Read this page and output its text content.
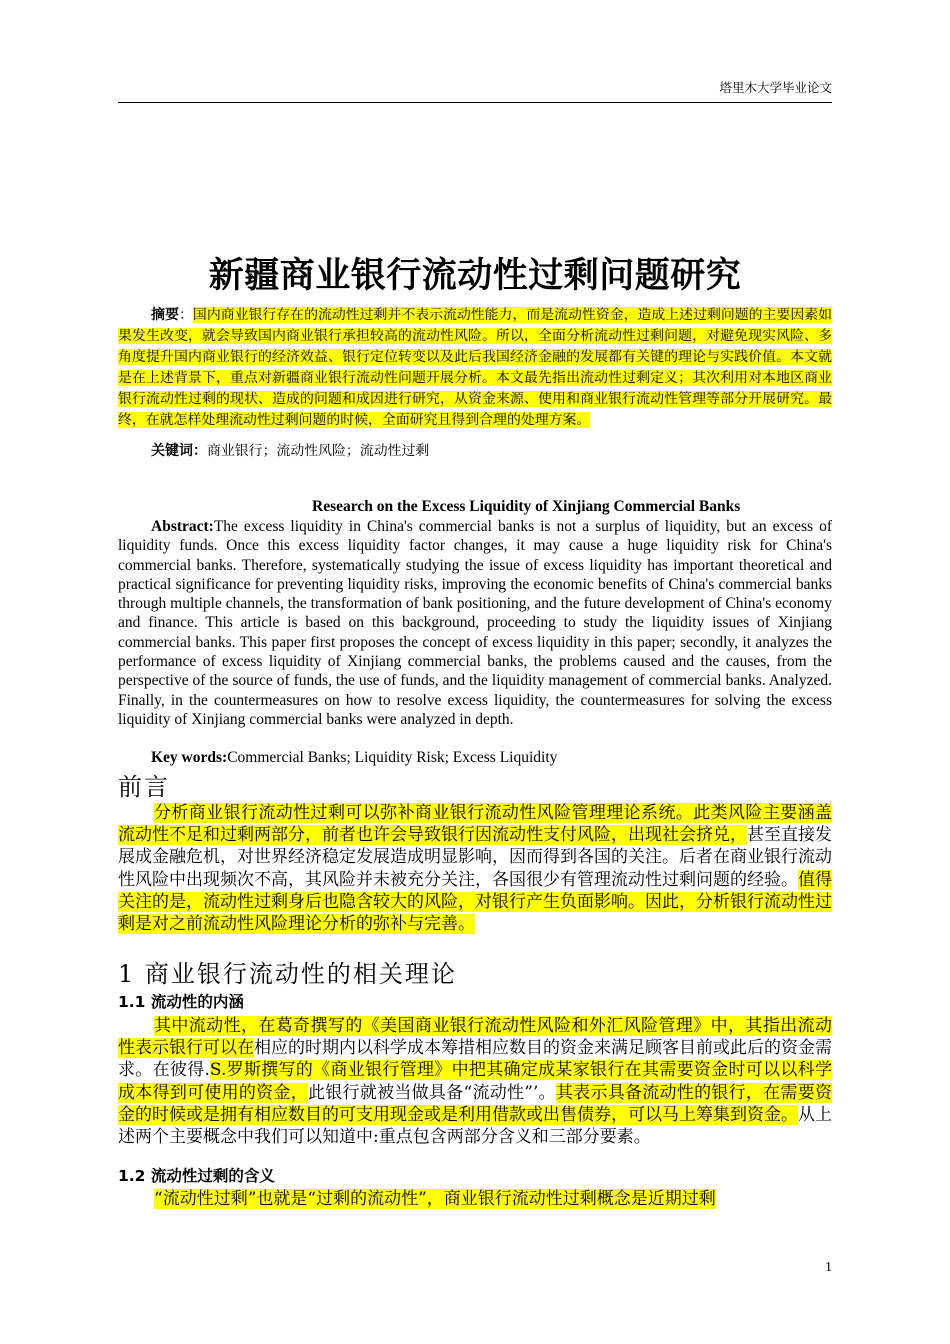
塔里木大学毕业论文
新疆商业银行流动性过剩问题研究

摘要：国内商业银行存在的流动性过剩并不表示流动性能力，而是流动性资金，造成上述过剩问题的主要因素如果发生改变，就会导致国内商业银行承担较高的流动性风险。所以，全面分析流动性过剩问题，对避免现实风险、多角度提升国内商业银行的经济效益、银行定位转变以及此后我国经济金融的发展都有关键的理论与实践价值。本文就是在上述背景下，重点对新疆商业银行流动性问题开展分析。本文最先指出流动性过剩定义；其次利用对本地区商业银行流动性过剩的现状、造成的问题和成因进行研究，从资金来源、使用和商业银行流动性管理等部分开展研究。最终，在就怎样处理流动性过剩问题的时候，全面研究且得到合理的处理方案。

关键词：商业银行；流动性风险；流动性过剩
Research on the Excess Liquidity of Xinjiang Commercial Banks

Abstract:The excess liquidity in China's commercial banks is not a surplus of liquidity, but an excess of liquidity funds. Once this excess liquidity factor changes, it may cause a huge liquidity risk for China's commercial banks. Therefore, systematically studying the issue of excess liquidity has important theoretical and practical significance for preventing liquidity risks, improving the economic benefits of China's commercial banks through multiple channels, the transformation of bank positioning, and the future development of China's economy and finance. This article is based on this background, proceeding to study the liquidity issues of Xinjiang commercial banks. This paper first proposes the concept of excess liquidity in this paper; secondly, it analyzes the performance of excess liquidity of Xinjiang commercial banks, the problems caused and the causes, from the perspective of the source of funds, the use of funds, and the liquidity management of commercial banks. Analyzed. Finally, in the countermeasures on how to resolve excess liquidity, the countermeasures for solving the excess liquidity of Xinjiang commercial banks were analyzed in depth.

Key words:Commercial Banks; Liquidity Risk; Excess Liquidity
前言

分析商业银行流动性过剩可以弥补商业银行流动性风险管理理论系统。此类风险主要涵盖流动性不足和过剩两部分，前者也许会导致银行因流动性支付风险，出现社会挤兑，甚至直接发展成金融危机，对世界经济稳定发展造成明显影响，因而得到各国的关注。后者在商业银行流动性风险中出现频次不高，其风险并未被充分关注，各国很少有管理流动性过剩问题的经验。值得关注的是，流动性过剩身后也隐含较大的风险，对银行产生负面影响。因此，分析银行流动性过剩是对之前流动性风险理论分析的弥补与完善。

1 商业银行流动性的相关理论
1.1 流动性的内涵

其中流动性，在葛奇撰写的《美国商业银行流动性风险和外汇风险管理》中，其指出流动性表示银行可以在相应的时期内以科学成本筹措相应数目的资金来满足顾客目前或此后的资金需求。在彼得.S.罗斯撰写的《商业银行管理》中把其确定成某家银行在其需要资金时可以以科学成本得到可使用的资金，此银行就被当做具备“流动性”’。其表示具备流动性的银行，在需要资金的时候或是拥有相应数目的可支用现金或是利用借款或出售债券，可以马上筹集到资金。从上述两个主要概念中我们可以知道中:重点包含两部分含义和三部分要素。

1.2 流动性过剩的含义

“流动性过剩”也就是“过剩的流动性”，商业银行流动性过剩概念是近期过剩

1
